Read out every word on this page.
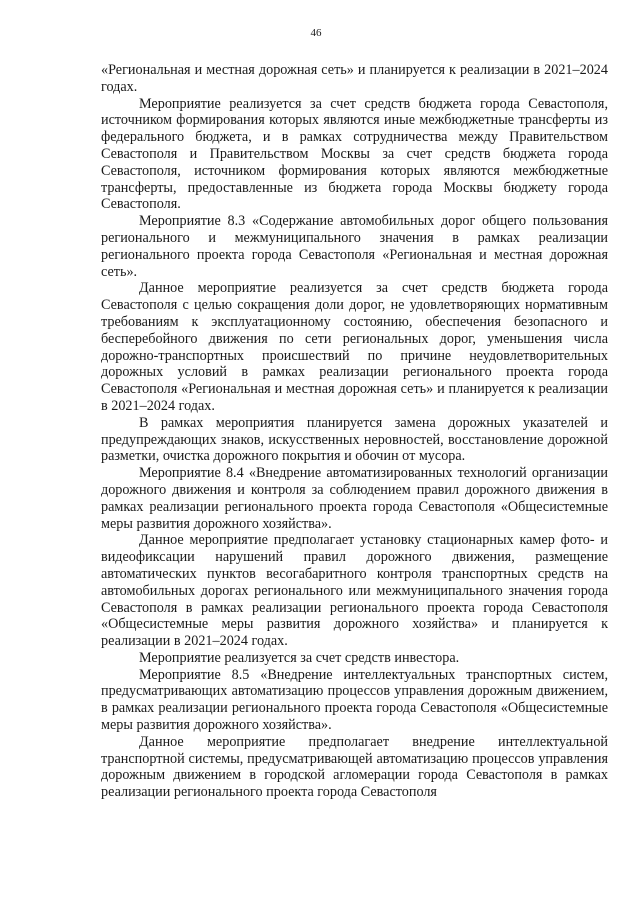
46

«Региональная и местная дорожная сеть» и планируется к реализации в 2021–2024 годах.

Мероприятие реализуется за счет средств бюджета города Севастополя, источником формирования которых являются иные межбюджетные трансферты из федерального бюджета, и в рамках сотрудничества между Правительством Севастополя и Правительством Москвы за счет средств бюджета города Севастополя, источником формирования которых являются межбюджетные трансферты, предоставленные из бюджета города Москвы бюджету города Севастополя.

Мероприятие 8.3 «Содержание автомобильных дорог общего пользования регионального и межмуниципального значения в рамках реализации регионального проекта города Севастополя «Региональная и местная дорожная сеть».

Данное мероприятие реализуется за счет средств бюджета города Севастополя с целью сокращения доли дорог, не удовлетворяющих нормативным требованиям к эксплуатационному состоянию, обеспечения безопасного и бесперебойного движения по сети региональных дорог, уменьшения числа дорожно-транспортных происшествий по причине неудовлетворительных дорожных условий в рамках реализации регионального проекта города Севастополя «Региональная и местная дорожная сеть» и планируется к реализации в 2021–2024 годах.

В рамках мероприятия планируется замена дорожных указателей и предупреждающих знаков, искусственных неровностей, восстановление дорожной разметки, очистка дорожного покрытия и обочин от мусора.

Мероприятие 8.4 «Внедрение автоматизированных технологий организации дорожного движения и контроля за соблюдением правил дорожного движения в рамках реализации регионального проекта города Севастополя «Общесистемные меры развития дорожного хозяйства».

Данное мероприятие предполагает установку стационарных камер фото- и видеофиксации нарушений правил дорожного движения, размещение автоматических пунктов весогабаритного контроля транспортных средств на автомобильных дорогах регионального или межмуниципального значения города Севастополя в рамках реализации регионального проекта города Севастополя «Общесистемные меры развития дорожного хозяйства» и планируется к реализации в 2021–2024 годах.

Мероприятие реализуется за счет средств инвестора.

Мероприятие 8.5 «Внедрение интеллектуальных транспортных систем, предусматривающих автоматизацию процессов управления дорожным движением, в рамках реализации регионального проекта города Севастополя «Общесистемные меры развития дорожного хозяйства».

Данное мероприятие предполагает внедрение интеллектуальной транспортной системы, предусматривающей автоматизацию процессов управления дорожным движением в городской агломерации города Севастополя в рамках реализации регионального проекта города Севастополя
